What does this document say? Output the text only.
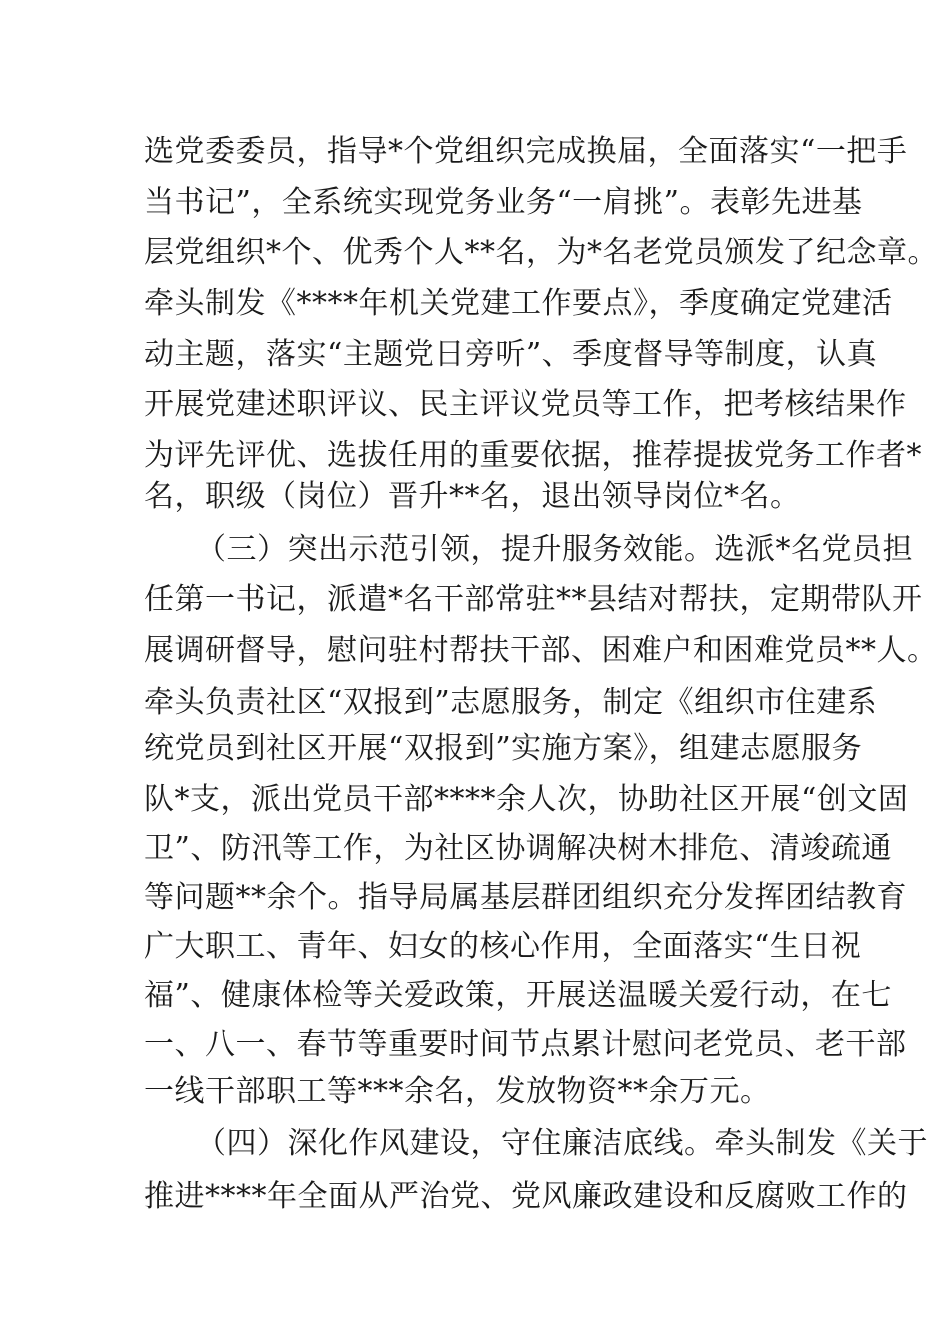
选党委委员，指导*个党组织完成换届，全面落实“一把手
当书记”，全系统实现党务业务“一肩挑”。表彰先进基
层党组织*个、优秀个人**名，为*名老党员颁发了纪念章。
牵头制发《****年机关党建工作要点》，季度确定党建活
动主题，落实“主题党日旁听”、季度督导等制度，认真
开展党建述职评议、民主评议党员等工作，把考核结果作
为评先评优、选拔任用的重要依据，推荐提拔党务工作者*
名，职级（岗位）晋升**名，退出领导岗位*名。
（三）突出示范引领，提升服务效能。选派*名党员担
任第一书记，派遣*名干部常驻**县结对帮扶，定期带队开
展调研督导，慰问驻村帮扶干部、困难户和困难党员**人。
牵头负责社区“双报到”志愿服务，制定《组织市住建系
统党员到社区开展“双报到”实施方案》，组建志愿服务
队*支，派出党员干部****余人次，协助社区开展“创文固
卫”、防汛等工作，为社区协调解决树木排危、清竣疏通
等问题**余个。指导局属基层群团组织充分发挥团结教育
广大职工、青年、妇女的核心作用，全面落实“生日祝
福”、健康体检等关爱政策，开展送温暖关爱行动，在七
一、八一、春节等重要时间节点累计慰问老党员、老干部
一线干部职工等***余名，发放物资**余万元。
（四）深化作风建设，守住廉洁底线。牵头制发《关于
推进****年全面从严治党、党风廉政建设和反腐败工作的
